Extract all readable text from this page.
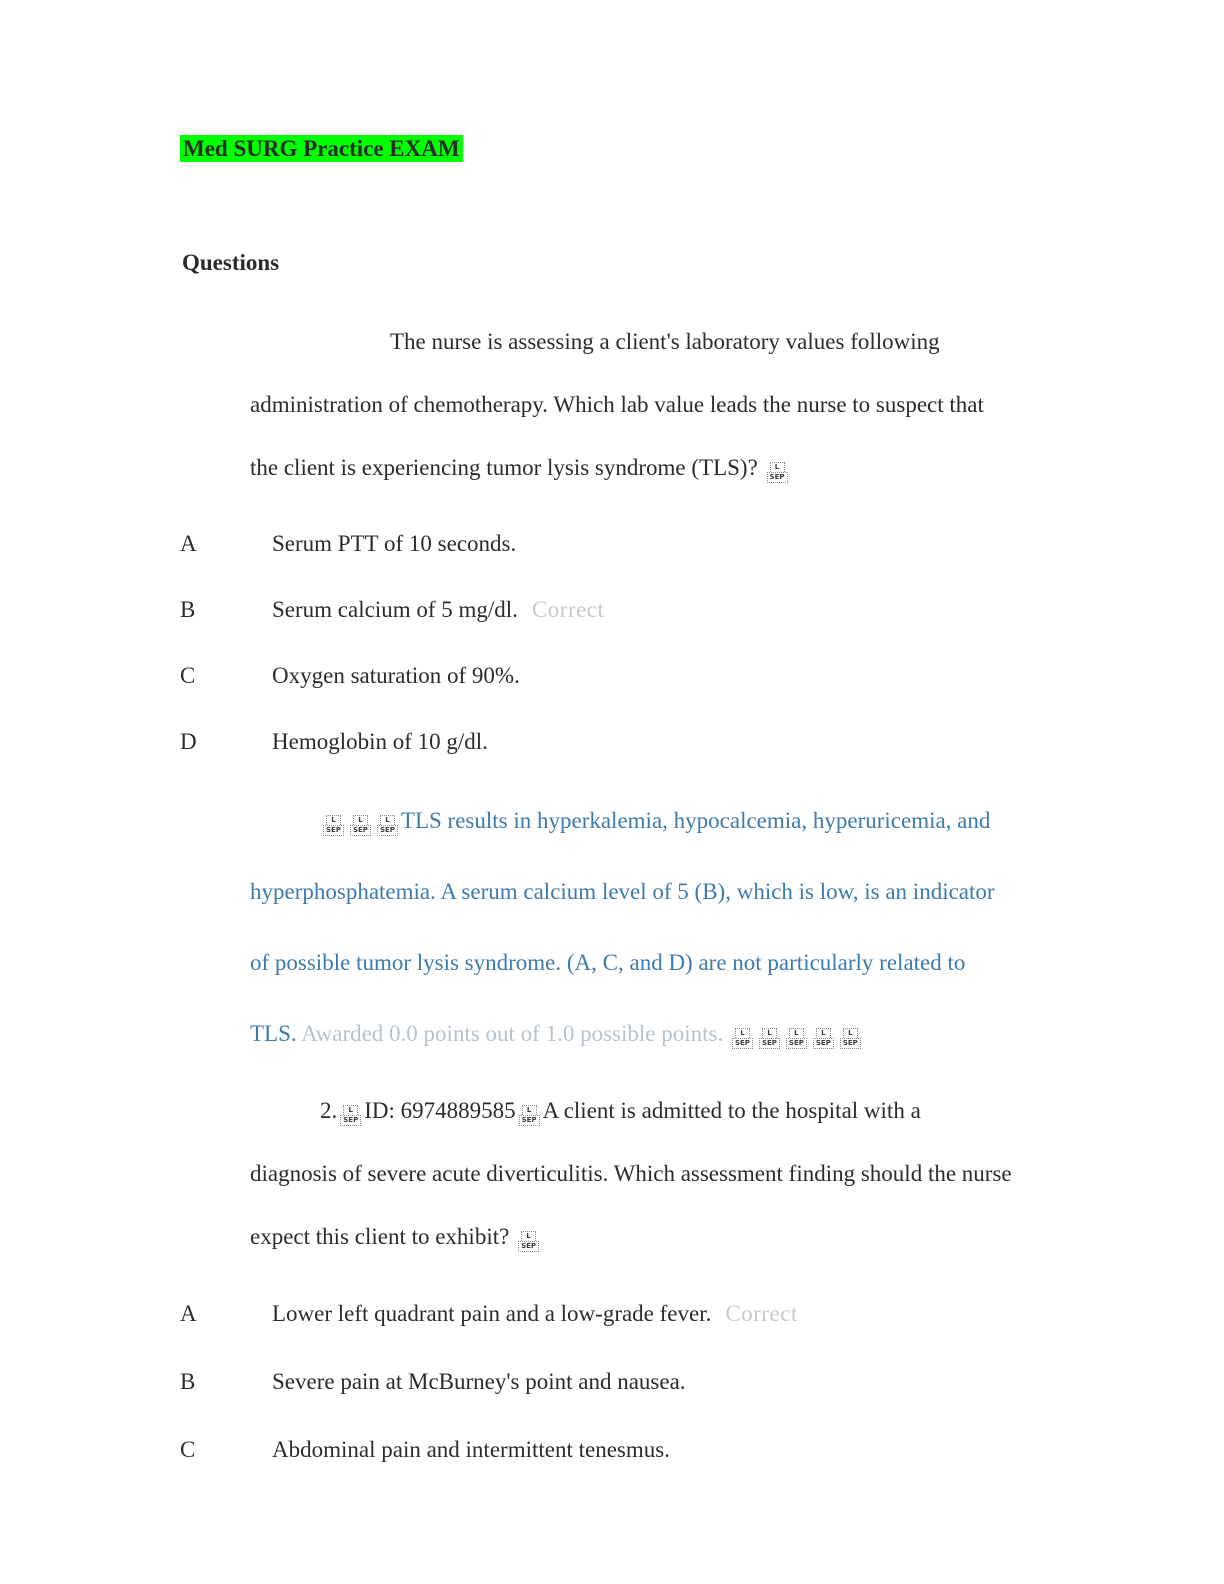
Med SURG Practice EXAM
Questions

The nurse is assessing a client's laboratory values following administration of chemotherapy. Which lab value leads the nurse to suspect that the client is experiencing tumor lysis syndrome (TLS)?	L
SEP

A	Serum PTT of 10 seconds.
B	Serum calcium of 5 mg/dl. Correct
C	Oxygen saturation of 90%.
D	Hemoglobin of 10 g/dl.

L
SEP
L
SEP
L
SEP TLS results in hyperkalemia, hypocalcemia, hyperuricemia, and hyperphosphatemia. A serum calcium level of 5 (B), which is low, is an indicator of possible tumor lysis syndrome. (A, C, and D) are not particularly related to TLS. Awarded 0.0 points out of 1.0 possible points.	L
SEP
L
SEP
L
SEP
L
SEP
L
SEP

2.	L
SEP ID: 6974889585	L
SEP A client is admitted to the hospital with a diagnosis of severe acute diverticulitis. Which assessment finding should the nurse expect this client to exhibit?	L
SEP

A	Lower left quadrant pain and a low-grade fever. Correct
B	Severe pain at McBurney's point and nausea.
C	Abdominal pain and intermittent tenesmus.
